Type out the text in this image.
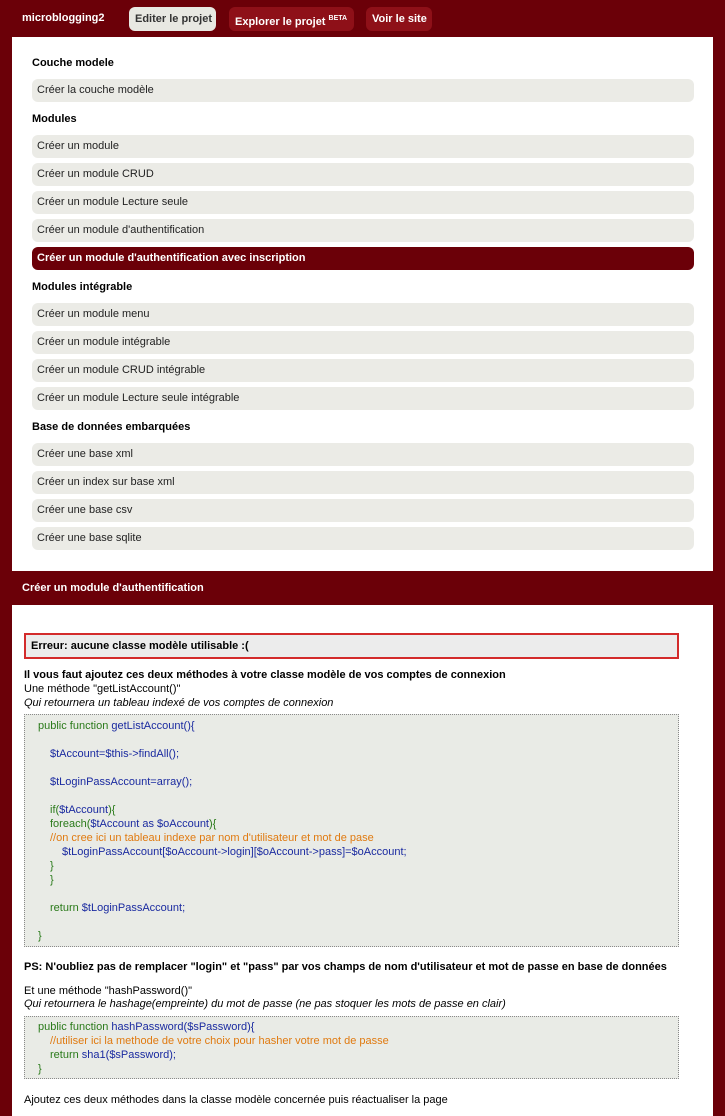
microblogging2	Editer le projet	Explorer le projet $^{BETA}$	Voir le site
Couche modele
Créer la couche modèle
Modules
Créer un module
Créer un module CRUD
Créer un module Lecture seule
Créer un module d'authentification
Créer un module d'authentification avec inscription
Modules intégrable
Créer un module menu
Créer un module intégrable
Créer un module CRUD intégrable
Créer un module Lecture seule intégrable
Base de données embarquées
Créer une base xml
Créer un index sur base xml
Créer une base csv
Créer une base sqlite
Créer un module d'authentification
Erreur: aucune classe modèle utilisable :(
Il vous faut ajoutez ces deux méthodes à votre classe modèle de vos comptes de connexion
Une méthode "getListAccount()"
Qui retournera un tableau indexé de vos comptes de connexion
public function getListAccount(){
$tAccount=$this->findAll();
$tLoginPassAccount=array();
if($tAccount){
foreach($tAccount as $oAccount){
//on cree ici un tableau indexe par nom d'utilisateur et mot de pase
$tLoginPassAccount[$oAccount->login][$oAccount->pass]=$oAccount;
}
}
return $tLoginPassAccount;
}
PS: N'oubliez pas de remplacer "login" et "pass" par vos champs de nom d'utilisateur et mot de passe en base de données
Et une méthode "hashPassword()"
Qui retournera le hashage(empreinte) du mot de passe (ne pas stoquer les mots de passe en clair)
public function hashPassword($sPassword){
//utiliser ici la methode de votre choix pour hasher votre mot de passe
return sha1($sPassword);
}
Ajoutez ces deux méthodes dans la classe modèle concernée puis réactualiser la page
